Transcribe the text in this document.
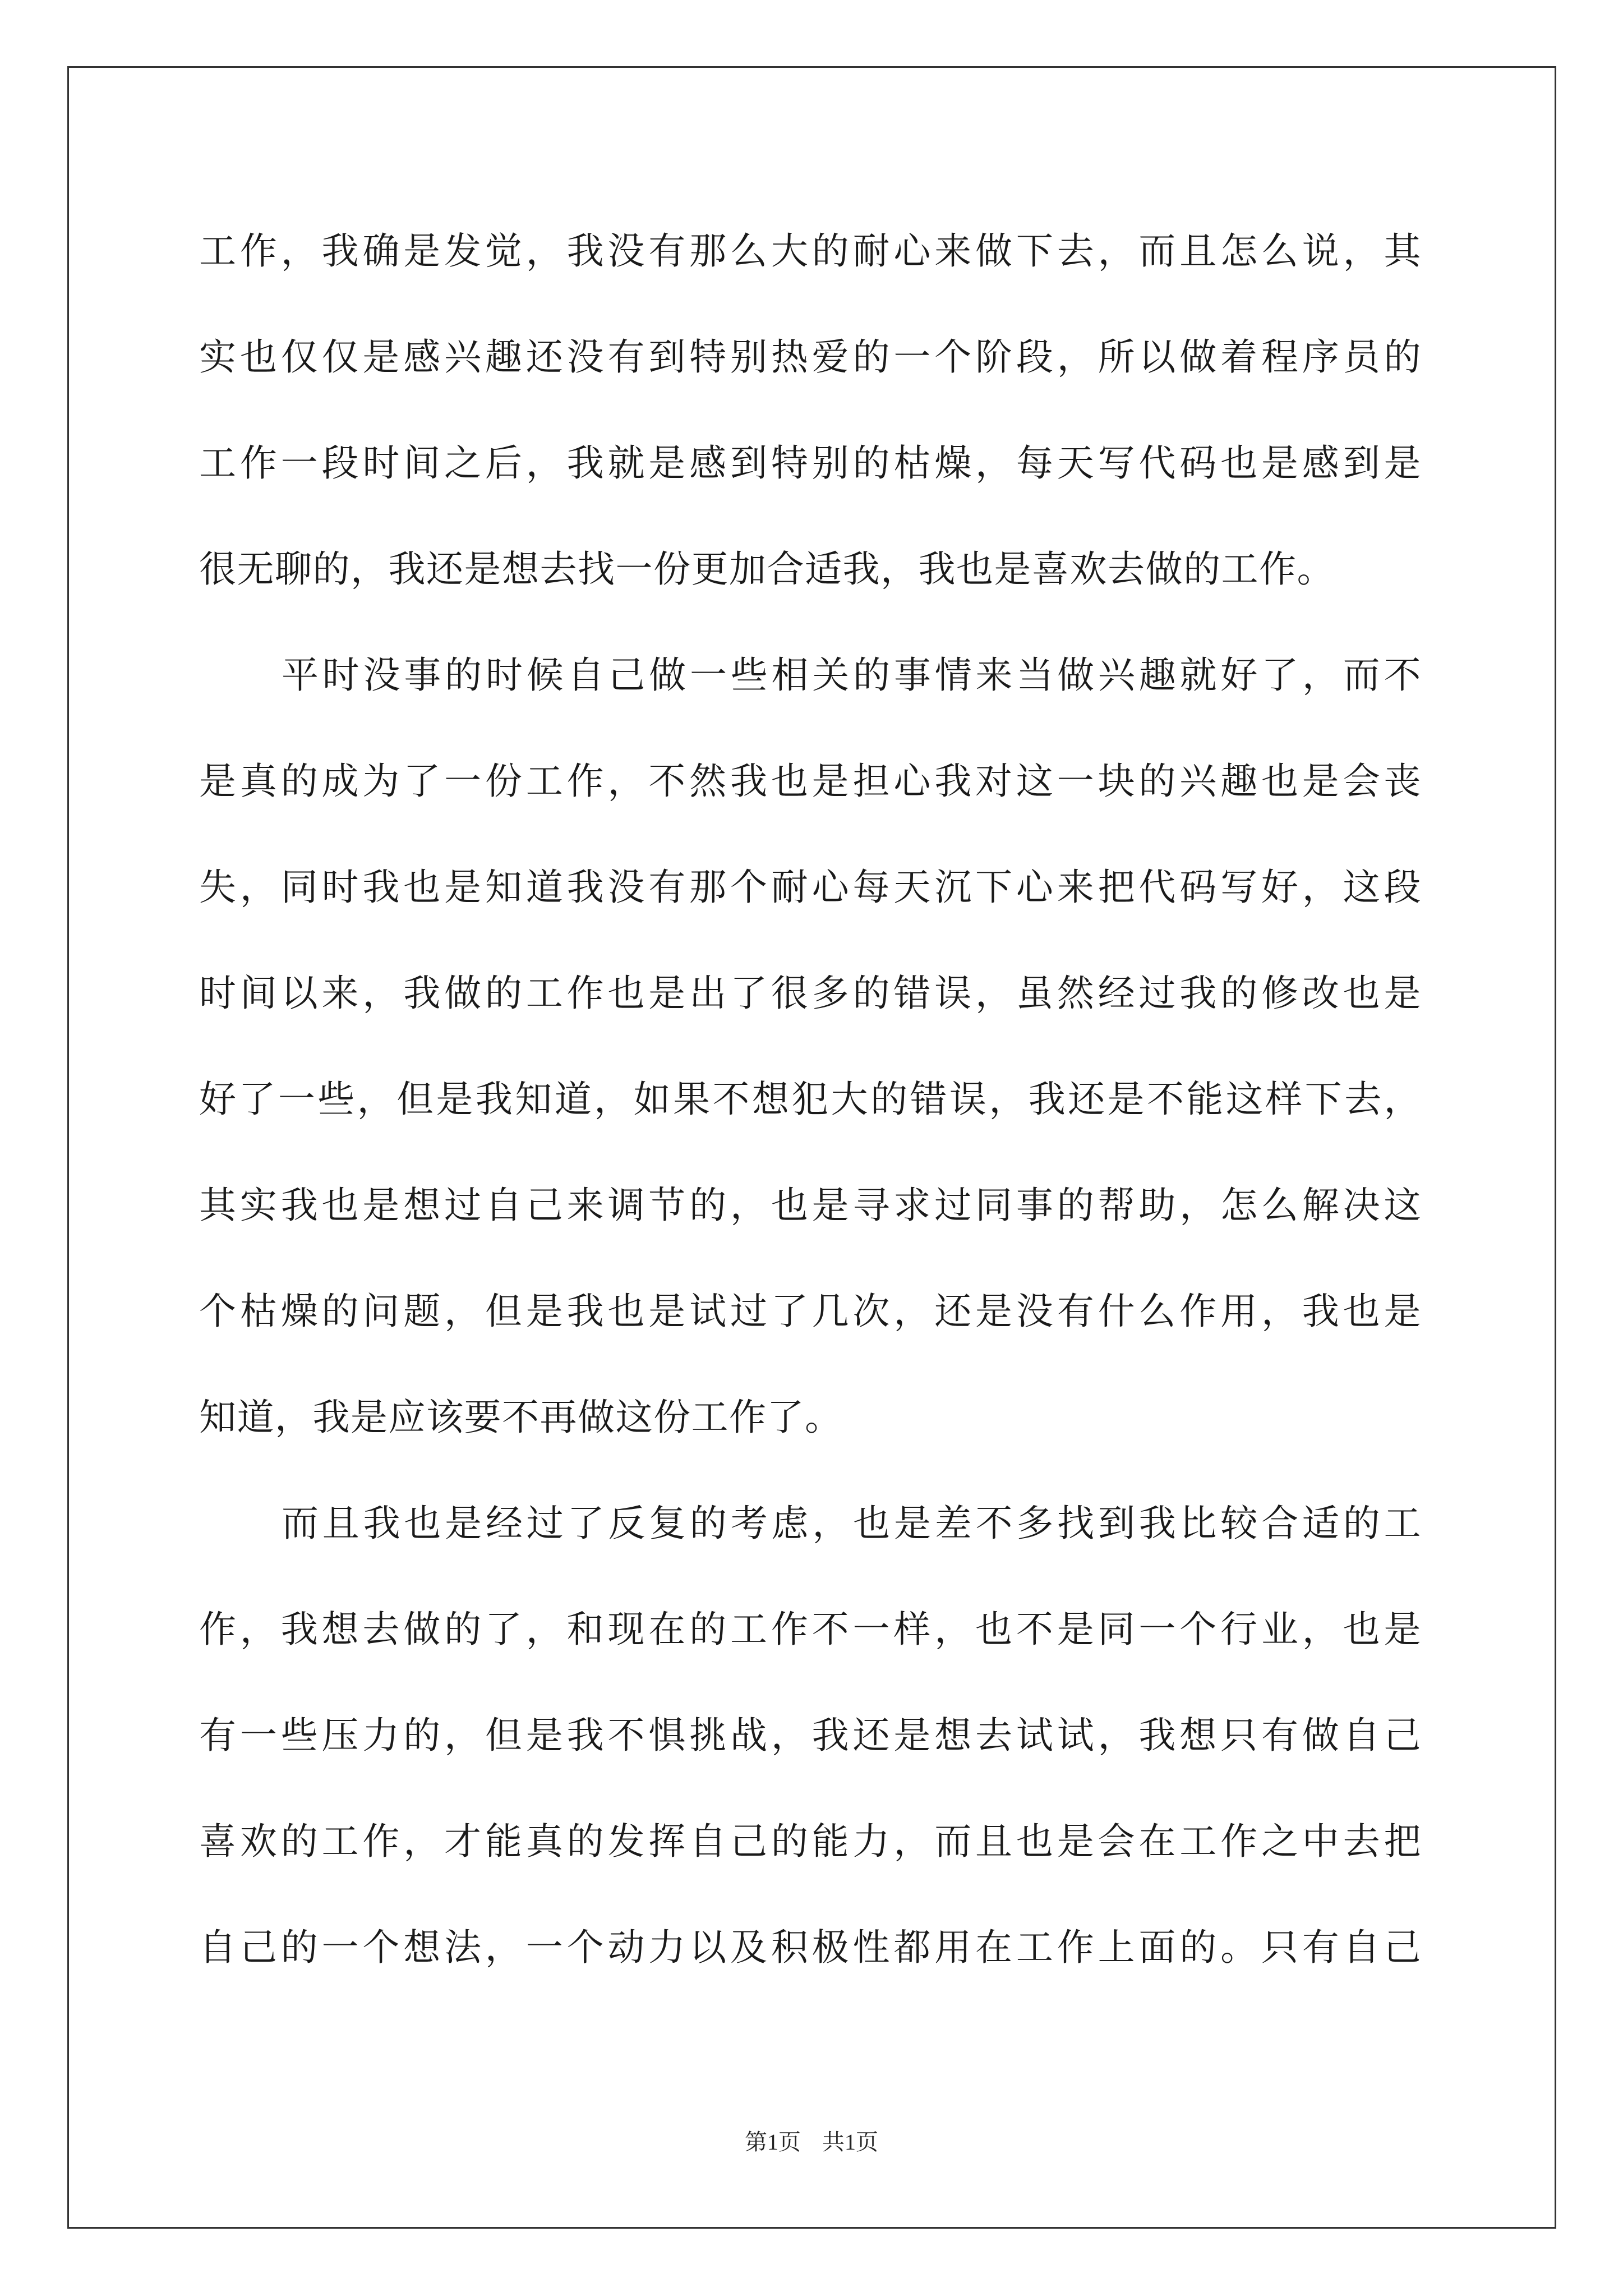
工作，我确是发觉，我没有那么大的耐心来做下去，而且怎么说，其
实也仅仅是感兴趣还没有到特别热爱的一个阶段，所以做着程序员的
工作一段时间之后，我就是感到特别的枯燥，每天写代码也是感到是
很无聊的，我还是想去找一份更加合适我，我也是喜欢去做的工作。
平时没事的时候自己做一些相关的事情来当做兴趣就好了，而不
是真的成为了一份工作，不然我也是担心我对这一块的兴趣也是会丧
失，同时我也是知道我没有那个耐心每天沉下心来把代码写好，这段
时间以来，我做的工作也是出了很多的错误，虽然经过我的修改也是
好了一些，但是我知道，如果不想犯大的错误，我还是不能这样下去，
其实我也是想过自己来调节的，也是寻求过同事的帮助，怎么解决这
个枯燥的问题，但是我也是试过了几次，还是没有什么作用，我也是
知道，我是应该要不再做这份工作了。
而且我也是经过了反复的考虑，也是差不多找到我比较合适的工
作，我想去做的了，和现在的工作不一样，也不是同一个行业，也是
有一些压力的，但是我不惧挑战，我还是想去试试，我想只有做自己
喜欢的工作，才能真的发挥自己的能力，而且也是会在工作之中去把
自己的一个想法，一个动力以及积极性都用在工作上面的。只有自己
第1页 共1页
